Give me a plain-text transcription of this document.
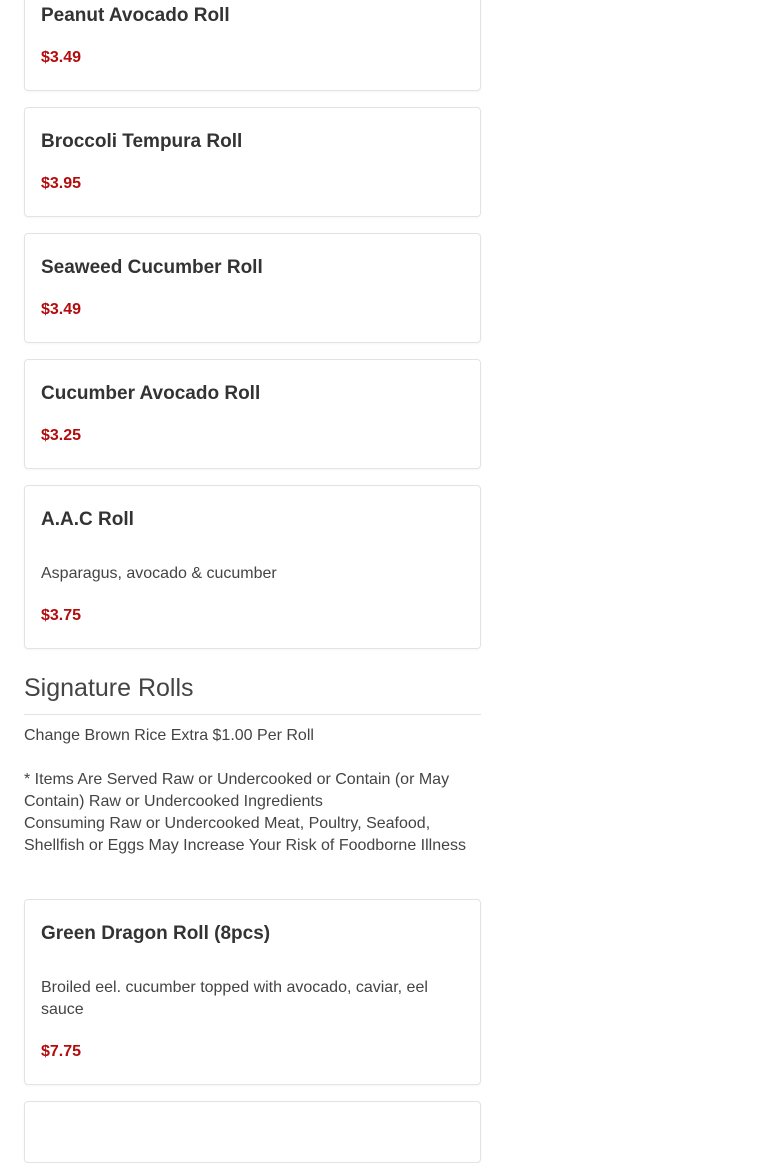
Peanut Avocado Roll
$3.49
Broccoli Tempura Roll
$3.95
Seaweed Cucumber Roll
$3.49
Cucumber Avocado Roll
$3.25
A.A.C Roll
Asparagus, avocado & cucumber
$3.75
Signature Rolls
Change Brown Rice Extra $1.00 Per Roll
* Items Are Served Raw or Undercooked or Contain (or May Contain) Raw or Undercooked Ingredients
Consuming Raw or Undercooked Meat, Poultry, Seafood, Shellfish or Eggs May Increase Your Risk of Foodborne Illness
Green Dragon Roll (8pcs)
Broiled eel. cucumber topped with avocado, caviar, eel sauce
$7.75
